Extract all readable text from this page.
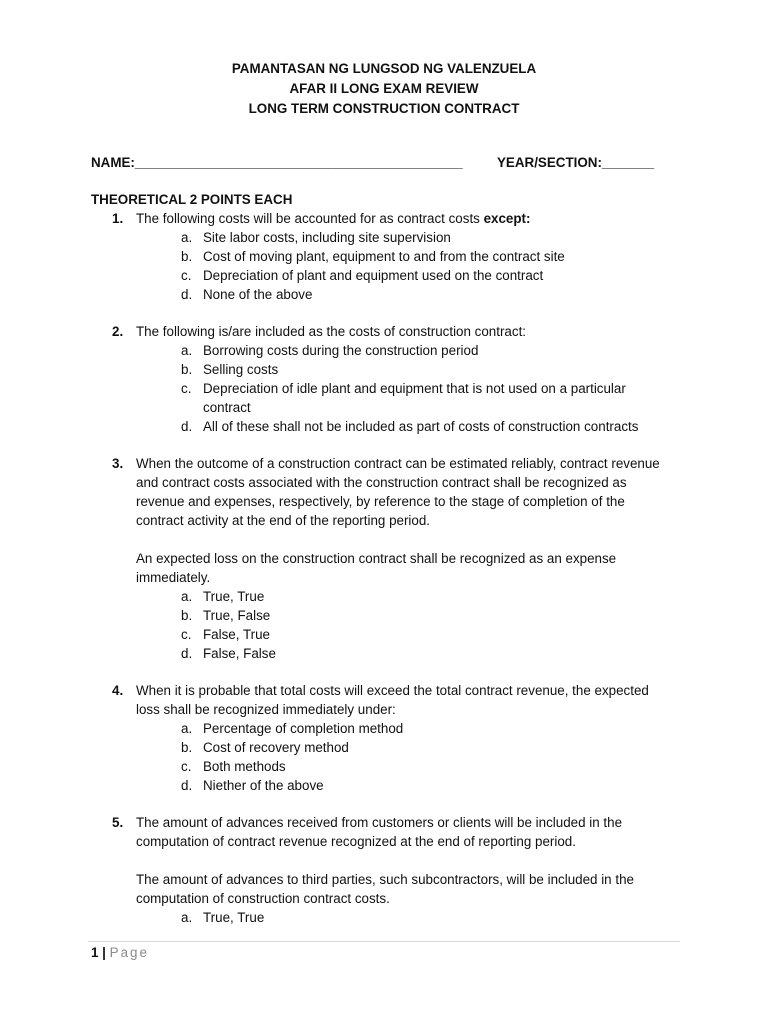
PAMANTASAN NG LUNGSOD NG VALENZUELA
AFAR II LONG EXAM REVIEW
LONG TERM CONSTRUCTION CONTRACT
NAME:____________________________________________	YEAR/SECTION:_______
THEORETICAL 2 POINTS EACH
1. The following costs will be accounted for as contract costs except:

a. Site labor costs, including site supervision
b. Cost of moving plant, equipment to and from the contract site
c. Depreciation of plant and equipment used on the contract
d. None of the above
2. The following is/are included as the costs of construction contract:

a. Borrowing costs during the construction period
b. Selling costs
c. Depreciation of idle plant and equipment that is not used on a particular contract
d. All of these shall not be included as part of costs of construction contracts
3. When the outcome of a construction contract can be estimated reliably, contract revenue and contract costs associated with the construction contract shall be recognized as revenue and expenses, respectively, by reference to the stage of completion of the contract activity at the end of the reporting period.

An expected loss on the construction contract shall be recognized as an expense immediately.

a. True, True
b. True, False
c. False, True
d. False, False
4. When it is probable that total costs will exceed the total contract revenue, the expected loss shall be recognized immediately under:

a. Percentage of completion method
b. Cost of recovery method
c. Both methods
d. Niether of the above
5. The amount of advances received from customers or clients will be included in the computation of contract revenue recognized at the end of reporting period.

The amount of advances to third parties, such subcontractors, will be included in the computation of construction contract costs.

a. True, True
1 | Page
